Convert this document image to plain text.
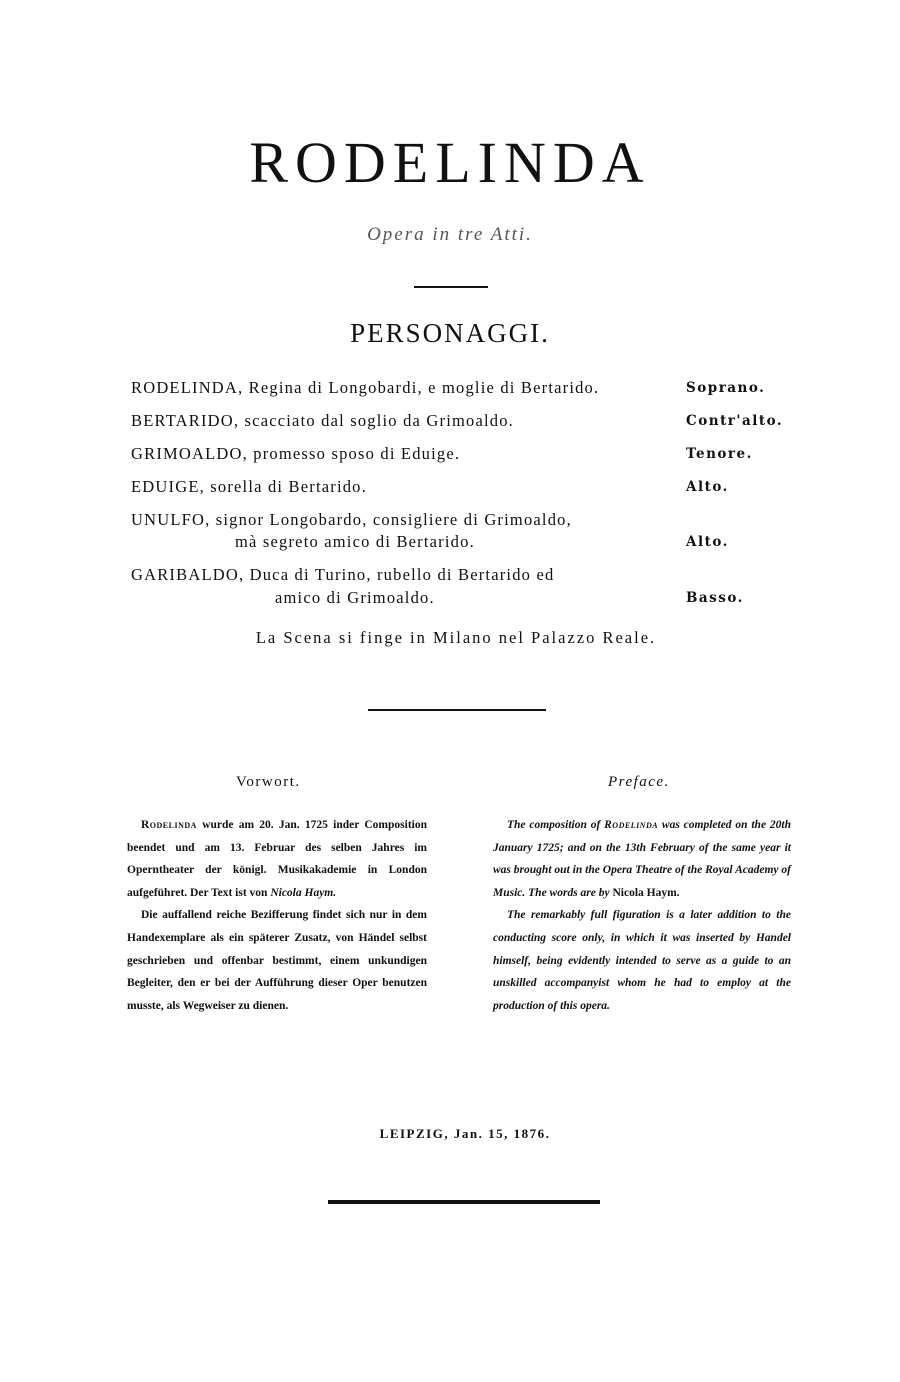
RODELINDA
Opera in tre Atti.
PERSONAGGI.
RODELINDA, Regina di Longobardi, e moglie di Bertarido.	Soprano.
BERTARIDO, scacciato dal soglio da Grimoaldo.	Contr'alto.
GRIMOALDO, promesso sposo di Eduige.	Tenore.
EDUIGE, sorella di Bertarido.	Alto.
UNULFO, signor Longobardo, consigliere di Grimoaldo,
mà segreto amico di Bertarido.	Alto.
GARIBALDO, Duca di Turino, rubello di Bertarido ed
amico di Grimoaldo.	Basso.
La Scena si finge in Milano nel Palazzo Reale.
Vorwort.

Rodelinda wurde am 20. Jan. 1725 inder Composition beendet und am 13. Februar des selben Jahres im Operntheater der königl. Musikakademie in London aufgeführet. Der Text ist von Nicola Haym.

Die auffallend reiche Bezifferung findet sich nur in dem Handexemplare als ein späterer Zusatz, von Händel selbst geschrieben und offenbar bestimmt, einem unkundigen Begleiter, den er bei der Aufführung dieser Oper benutzen musste, als Wegweiser zu dienen.

Preface.

The composition of Rodelinda was completed on the 20th January 1725; and on the 13th February of the same year it was brought out in the Opera Theatre of the Royal Academy of Music. The words are by Nicola Haym.

The remarkably full figuration is a later addition to the conducting score only, in which it was inserted by Handel himself, being evidently intended to serve as a guide to an unskilled accompanyist whom he had to employ at the production of this opera.

LEIPZIG, Jan. 15, 1876.
